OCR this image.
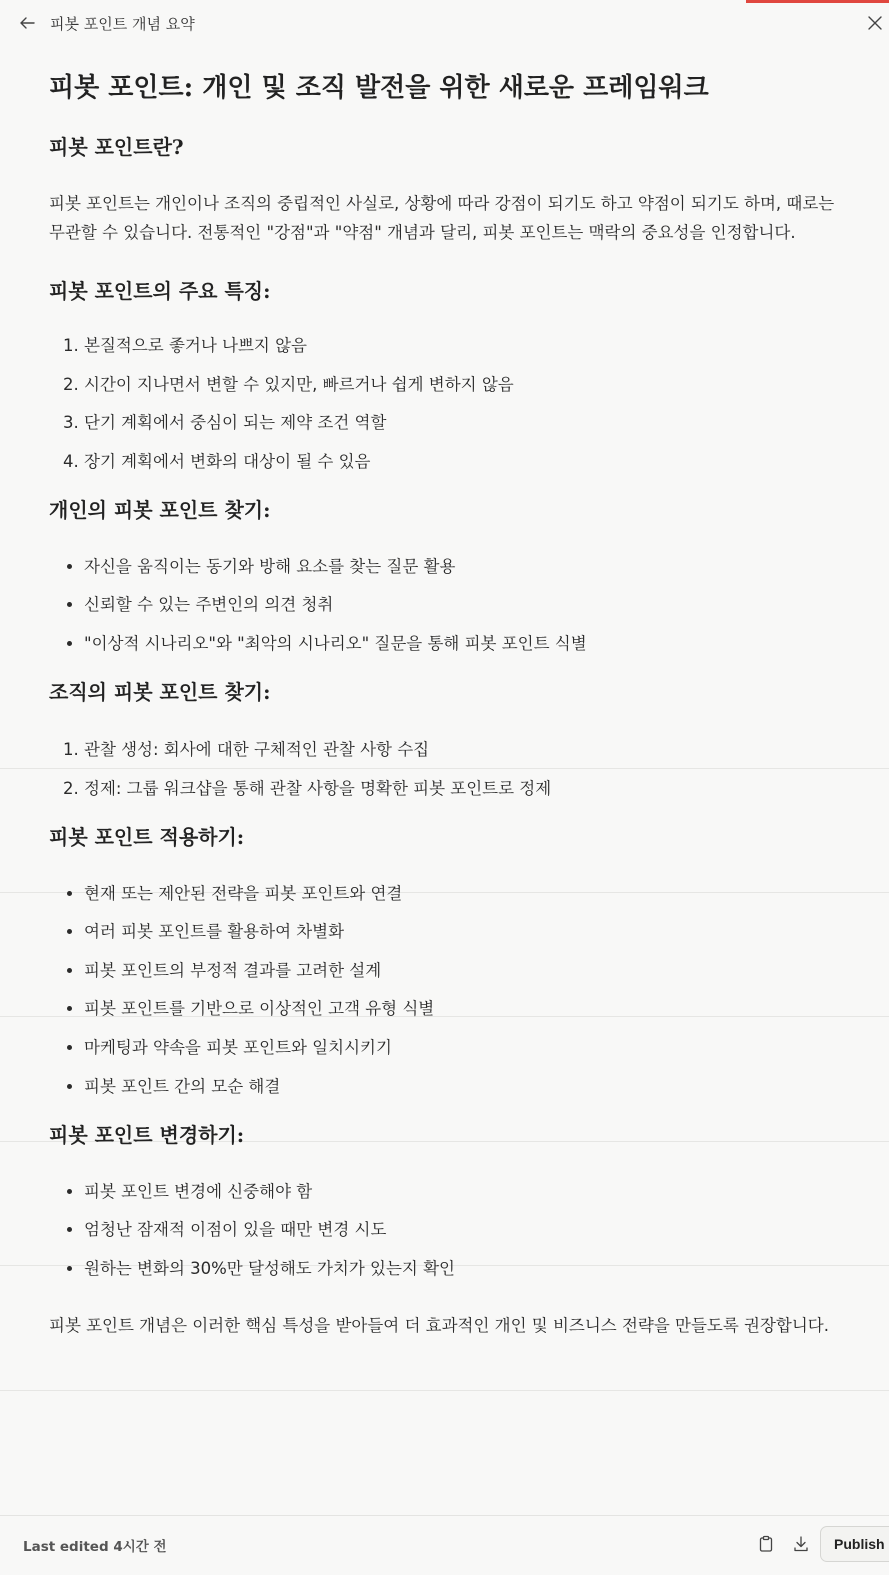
피봇 포인트 개념 요약
피봇 포인트: 개인 및 조직 발전을 위한 새로운 프레임워크
피봇 포인트란?

피봇 포인트는 개인이나 조직의 중립적인 사실로, 상황에 따라 강점이 되기도 하고 약점이 되기도 하며, 때로는 무관할 수 있습니다. 전통적인 "강점"과 "약점" 개념과 달리, 피봇 포인트는 맥락의 중요성을 인정합니다.

피봇 포인트의 주요 특징:
1. 본질적으로 좋거나 나쁘지 않음
2. 시간이 지나면서 변할 수 있지만, 빠르거나 쉽게 변하지 않음
3. 단기 계획에서 중심이 되는 제약 조건 역할
4. 장기 계획에서 변화의 대상이 될 수 있음
개인의 피봇 포인트 찾기:
• 자신을 움직이는 동기와 방해 요소를 찾는 질문 활용
• 신뢰할 수 있는 주변인의 의견 청취
• "이상적 시나리오"와 "최악의 시나리오" 질문을 통해 피봇 포인트 식별
조직의 피봇 포인트 찾기:
1. 관찰 생성: 회사에 대한 구체적인 관찰 사항 수집
2. 정제: 그룹 워크샵을 통해 관찰 사항을 명확한 피봇 포인트로 정제
피봇 포인트 적용하기:
• 현재 또는 제안된 전략을 피봇 포인트와 연결
• 여러 피봇 포인트를 활용하여 차별화
• 피봇 포인트의 부정적 결과를 고려한 설계
• 피봇 포인트를 기반으로 이상적인 고객 유형 식별
• 마케팅과 약속을 피봇 포인트와 일치시키기
• 피봇 포인트 간의 모순 해결
피봇 포인트 변경하기:
• 피봇 포인트 변경에 신중해야 함
• 엄청난 잠재적 이점이 있을 때만 변경 시도
• 원하는 변화의 30%만 달성해도 가치가 있는지 확인

피봇 포인트 개념은 이러한 핵심 특성을 받아들여 더 효과적인 개인 및 비즈니스 전략을 만들도록 권장합니다.

Last edited 4시간 전	Publish
